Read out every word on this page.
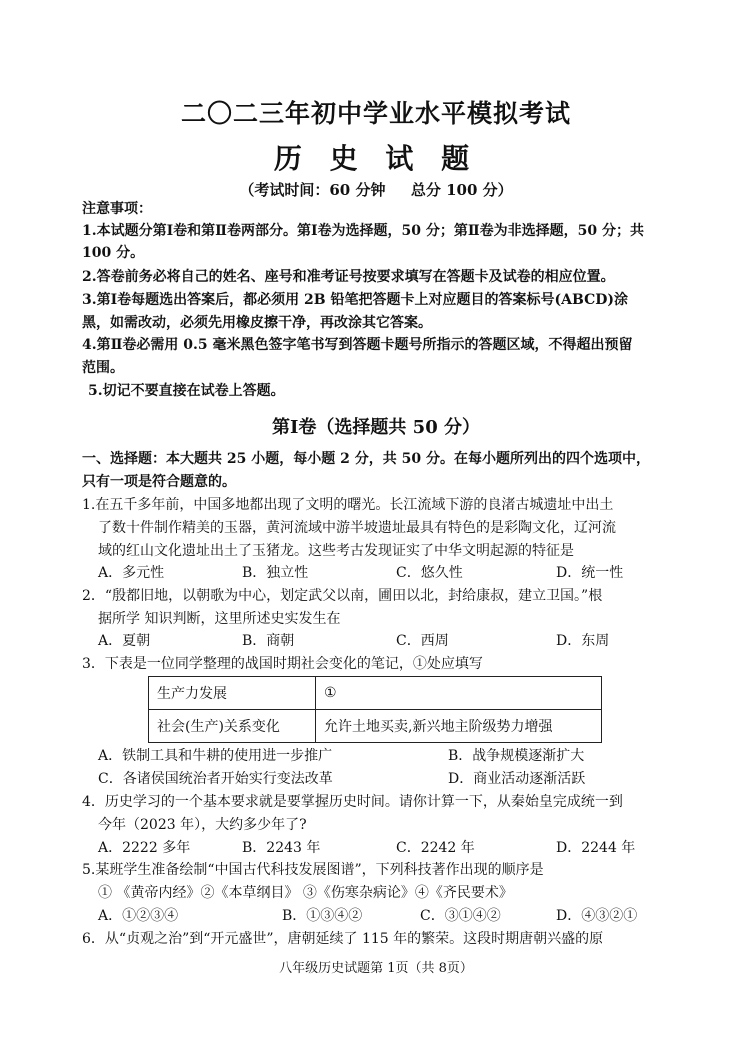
二〇二三年初中学业水平模拟考试
历 史 试 题
（考试时间：60 分钟 　 总分 100 分）
注意事项：
1.本试题分第Ⅰ卷和第Ⅱ卷两部分。第Ⅰ卷为选择题，50 分；第Ⅱ卷为非选择题，50 分；共
100 分。
2.答卷前务必将自己的姓名、座号和准考证号按要求填写在答题卡及试卷的相应位置。
3.第Ⅰ卷每题选出答案后，都必须用 2B 铅笔把答题卡上对应题目的答案标号(ABCD)涂
黑，如需改动，必须先用橡皮擦干净，再改涂其它答案。
4.第Ⅱ卷必需用 0.5 毫米黑色签字笔书写到答题卡题号所指示的答题区域，不得超出预留
范围。
5.切记不要直接在试卷上答题。
第Ⅰ卷（选择题共 50 分）
一、选择题：本大题共 25 小题，每小题 2 分，共 50 分。在每小题所列出的四个选项中，
只有一项是符合题意的。
1.在五千多年前，中国多地都出现了文明的曙光。长江流域下游的良渚古城遗址中出土
了数十件制作精美的玉器，黄河流域中游半坡遗址最具有特色的是彩陶文化，辽河流
域的红山文化遗址出土了玉猪龙。这些考古发现证实了中华文明起源的特征是
A．多元性	B．独立性	C．悠久性	D．统一性
2．“殷都旧地，以朝歌为中心，划定武父以南，圃田以北，封给康叔，建立卫国。”根
据所学 知识判断，这里所述史实发生在
A．夏朝	B．商朝	C．西周	D．东周
3．下表是一位同学整理的战国时期社会变化的笔记，①处应填写
生产力发展	①
社会(生产)关系变化	允许土地买卖,新兴地主阶级势力增强
A．铁制工具和牛耕的使用进一步推广	B．战争规模逐渐扩大
C．各诸侯国统治者开始实行变法改革	D．商业活动逐渐活跃
4．历史学习的一个基本要求就是要掌握历史时间。请你计算一下，从秦始皇完成统一到
今年（2023 年），大约多少年了?
A．2222 多年	B．2243 年	C．2242 年	D．2244 年
5.某班学生准备绘制“中国古代科技发展图谱”，下列科技著作出现的顺序是
① 《黄帝内经》②《本草纲目》 ③《伤寒杂病论》④《齐民要术》
A．①②③④	B．①③④②	C．③①④②	D．④③②①
6．从“贞观之治”到“开元盛世”，唐朝延续了 115 年的繁荣。这段时期唐朝兴盛的原
八年级历史试题第 1页（共 8页）
